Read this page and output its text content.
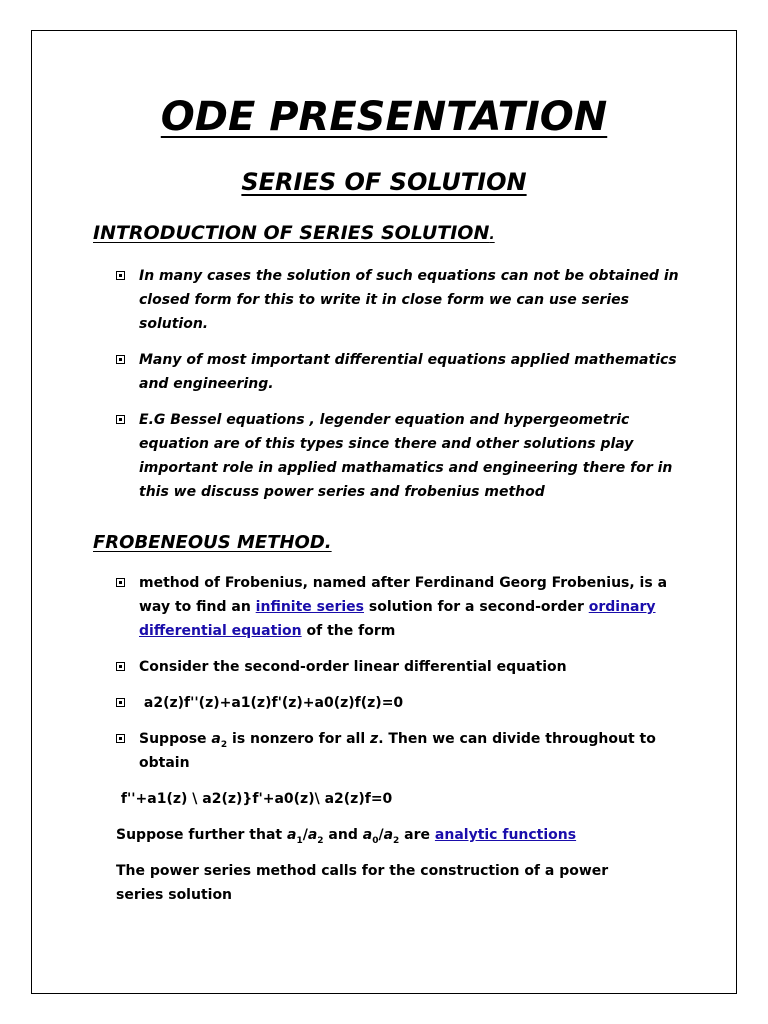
ODE PRESENTATION
SERIES OF SOLUTION
INTRODUCTION OF SERIES SOLUTION.
In many cases the solution of such equations can not be obtained in closed form for this to write it in close form we can use series solution.
Many of most important differential equations applied mathematics and engineering.
E.G Bessel equations , legender equation and hypergeometric equation are of this types since there and other solutions play important role in applied mathamatics and engineering there for in this we discuss power series and frobenius method
FROBENEOUS METHOD.
method of Frobenius, named after Ferdinand Georg Frobenius, is a way to find an infinite series solution for a second-order ordinary differential equation of the form
Consider the second-order linear differential equation
a2(z)f''(z)+a1(z)f'(z)+a0(z)f(z)=0
Suppose $a_2$ is nonzero for all z. Then we can divide throughout to obtain
f''+a1(z) \ a2(z)}f'+a0(z)\ a2(z)f=0
Suppose further that $a_1/a_2$ and $a_0/a_2$ are analytic functions
The power series method calls for the construction of a power series solution
